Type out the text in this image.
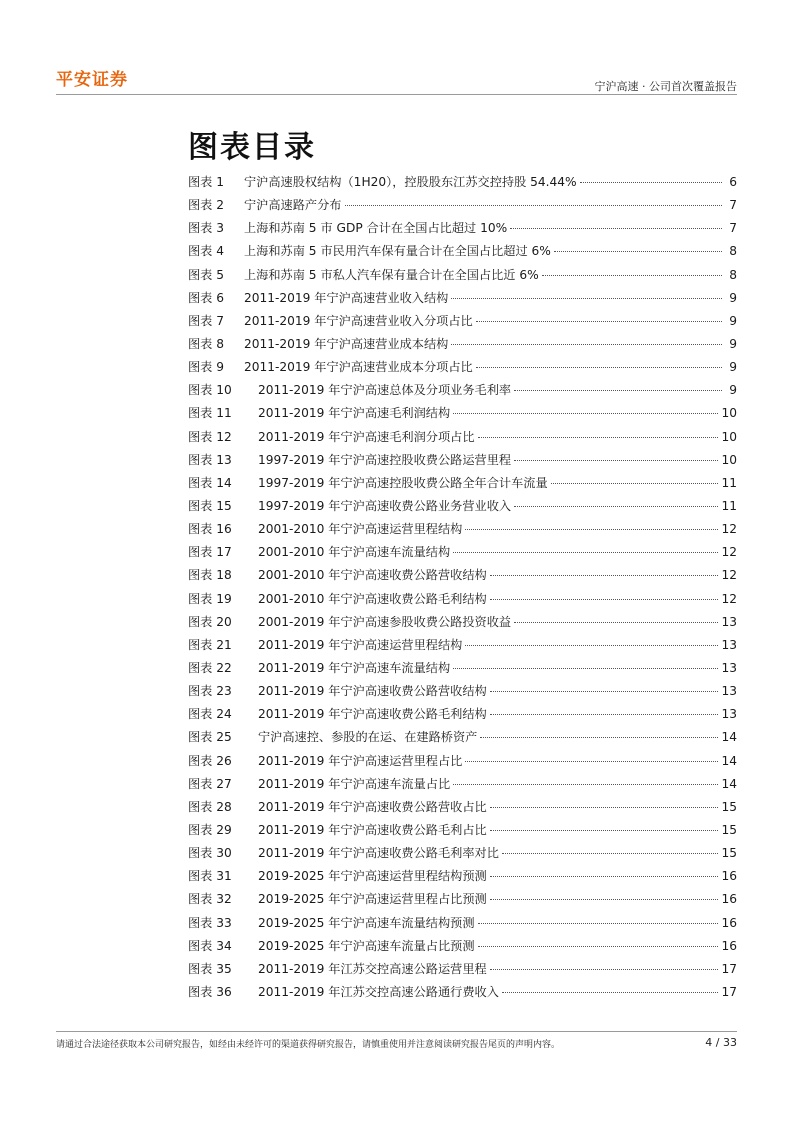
平安证券	宁沪高速 · 公司首次覆盖报告
图表目录
图表 1	宁沪高速股权结构（1H20），控股股东江苏交控持股 54.44%	6
图表 2	宁沪高速路产分布	7
图表 3	上海和苏南 5 市 GDP 合计在全国占比超过 10%	7
图表 4	上海和苏南 5 市民用汽车保有量合计在全国占比超过 6%	8
图表 5	上海和苏南 5 市私人汽车保有量合计在全国占比近 6%	8
图表 6	2011-2019 年宁沪高速营业收入结构	9
图表 7	2011-2019 年宁沪高速营业收入分项占比	9
图表 8	2011-2019 年宁沪高速营业成本结构	9
图表 9	2011-2019 年宁沪高速营业成本分项占比	9
图表 10	2011-2019 年宁沪高速总体及分项业务毛利率	9
图表 11	2011-2019 年宁沪高速毛利润结构	10
图表 12	2011-2019 年宁沪高速毛利润分项占比	10
图表 13	1997-2019 年宁沪高速控股收费公路运营里程	10
图表 14	1997-2019 年宁沪高速控股收费公路全年合计车流量	11
图表 15	1997-2019 年宁沪高速收费公路业务营业收入	11
图表 16	2001-2010 年宁沪高速运营里程结构	12
图表 17	2001-2010 年宁沪高速车流量结构	12
图表 18	2001-2010 年宁沪高速收费公路营收结构	12
图表 19	2001-2010 年宁沪高速收费公路毛利结构	12
图表 20	2001-2019 年宁沪高速参股收费公路投资收益	13
图表 21	2011-2019 年宁沪高速运营里程结构	13
图表 22	2011-2019 年宁沪高速车流量结构	13
图表 23	2011-2019 年宁沪高速收费公路营收结构	13
图表 24	2011-2019 年宁沪高速收费公路毛利结构	13
图表 25	宁沪高速控、参股的在运、在建路桥资产	14
图表 26	2011-2019 年宁沪高速运营里程占比	14
图表 27	2011-2019 年宁沪高速车流量占比	14
图表 28	2011-2019 年宁沪高速收费公路营收占比	15
图表 29	2011-2019 年宁沪高速收费公路毛利占比	15
图表 30	2011-2019 年宁沪高速收费公路毛利率对比	15
图表 31	2019-2025 年宁沪高速运营里程结构预测	16
图表 32	2019-2025 年宁沪高速运营里程占比预测	16
图表 33	2019-2025 年宁沪高速车流量结构预测	16
图表 34	2019-2025 年宁沪高速车流量占比预测	16
图表 35	2011-2019 年江苏交控高速公路运营里程	17
图表 36	2011-2019 年江苏交控高速公路通行费收入	17
请通过合法途径获取本公司研究报告，如经由未经许可的渠道获得研究报告，请慎重使用并注意阅读研究报告尾页的声明内容。	4 / 33
